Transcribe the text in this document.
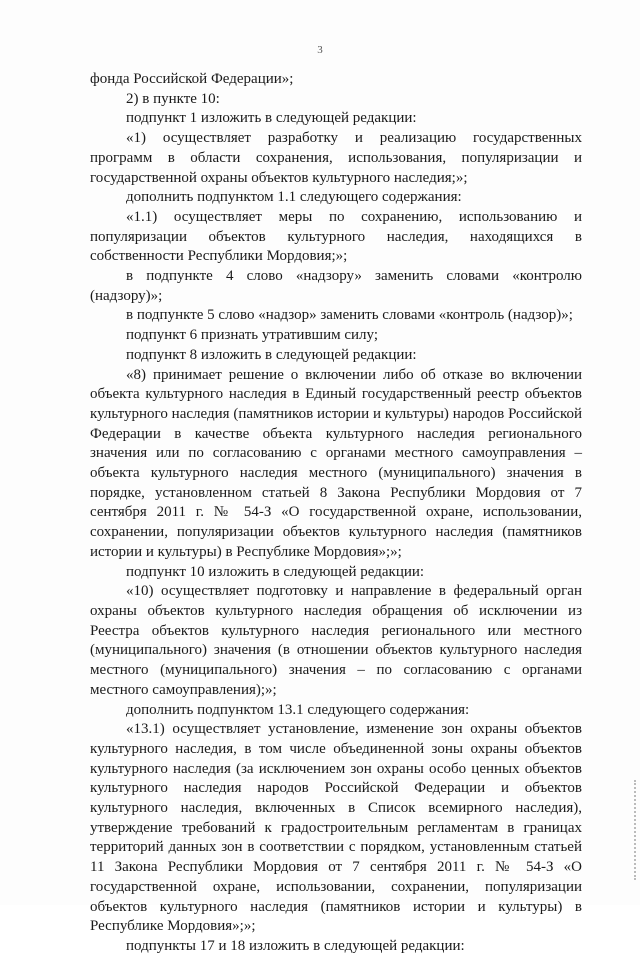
3

фонда Российской Федерации»;

2) в пункте 10:

подпункт 1 изложить в следующей редакции:

«1) осуществляет разработку и реализацию государственных программ в области сохранения, использования, популяризации и государственной охраны объектов культурного наследия;»;

дополнить подпунктом 1.1 следующего содержания:

«1.1) осуществляет меры по сохранению, использованию и популяризации объектов культурного наследия, находящихся в собственности Республики Мордовия;»;

в подпункте 4 слово «надзору» заменить словами «контролю (надзору)»;

в подпункте 5 слово «надзор» заменить словами «контроль (надзор)»;

подпункт 6 признать утратившим силу;

подпункт 8 изложить в следующей редакции:

«8) принимает решение о включении либо об отказе во включении объекта культурного наследия в Единый государственный реестр объектов культурного наследия (памятников истории и культуры) народов Российской Федерации в качестве объекта культурного наследия регионального значения или по согласованию с органами местного самоуправления – объекта культурного наследия местного (муниципального) значения в порядке, установленном статьей 8 Закона Республики Мордовия от 7 сентября 2011 г. № 54-З «О государственной охране, использовании, сохранении, популяризации объектов культурного наследия (памятников истории и культуры) в Республике Мордовия»;»;

подпункт 10 изложить в следующей редакции:

«10) осуществляет подготовку и направление в федеральный орган охраны объектов культурного наследия обращения об исключении из Реестра объектов культурного наследия регионального или местного (муниципального) значения (в отношении объектов культурного наследия местного (муниципального) значения – по согласованию с органами местного самоуправления);»;

дополнить подпунктом 13.1 следующего содержания:

«13.1) осуществляет установление, изменение зон охраны объектов культурного наследия, в том числе объединенной зоны охраны объектов культурного наследия (за исключением зон охраны особо ценных объектов культурного наследия народов Российской Федерации и объектов культурного наследия, включенных в Список всемирного наследия), утверждение требований к градостроительным регламентам в границах территорий данных зон в соответствии с порядком, установленным статьей 11 Закона Республики Мордовия от 7 сентября 2011 г. № 54-З «О государственной охране, использовании, сохранении, популяризации объектов культурного наследия (памятников истории и культуры) в Республике Мордовия»;»;

подпункты 17 и 18 изложить в следующей редакции:
